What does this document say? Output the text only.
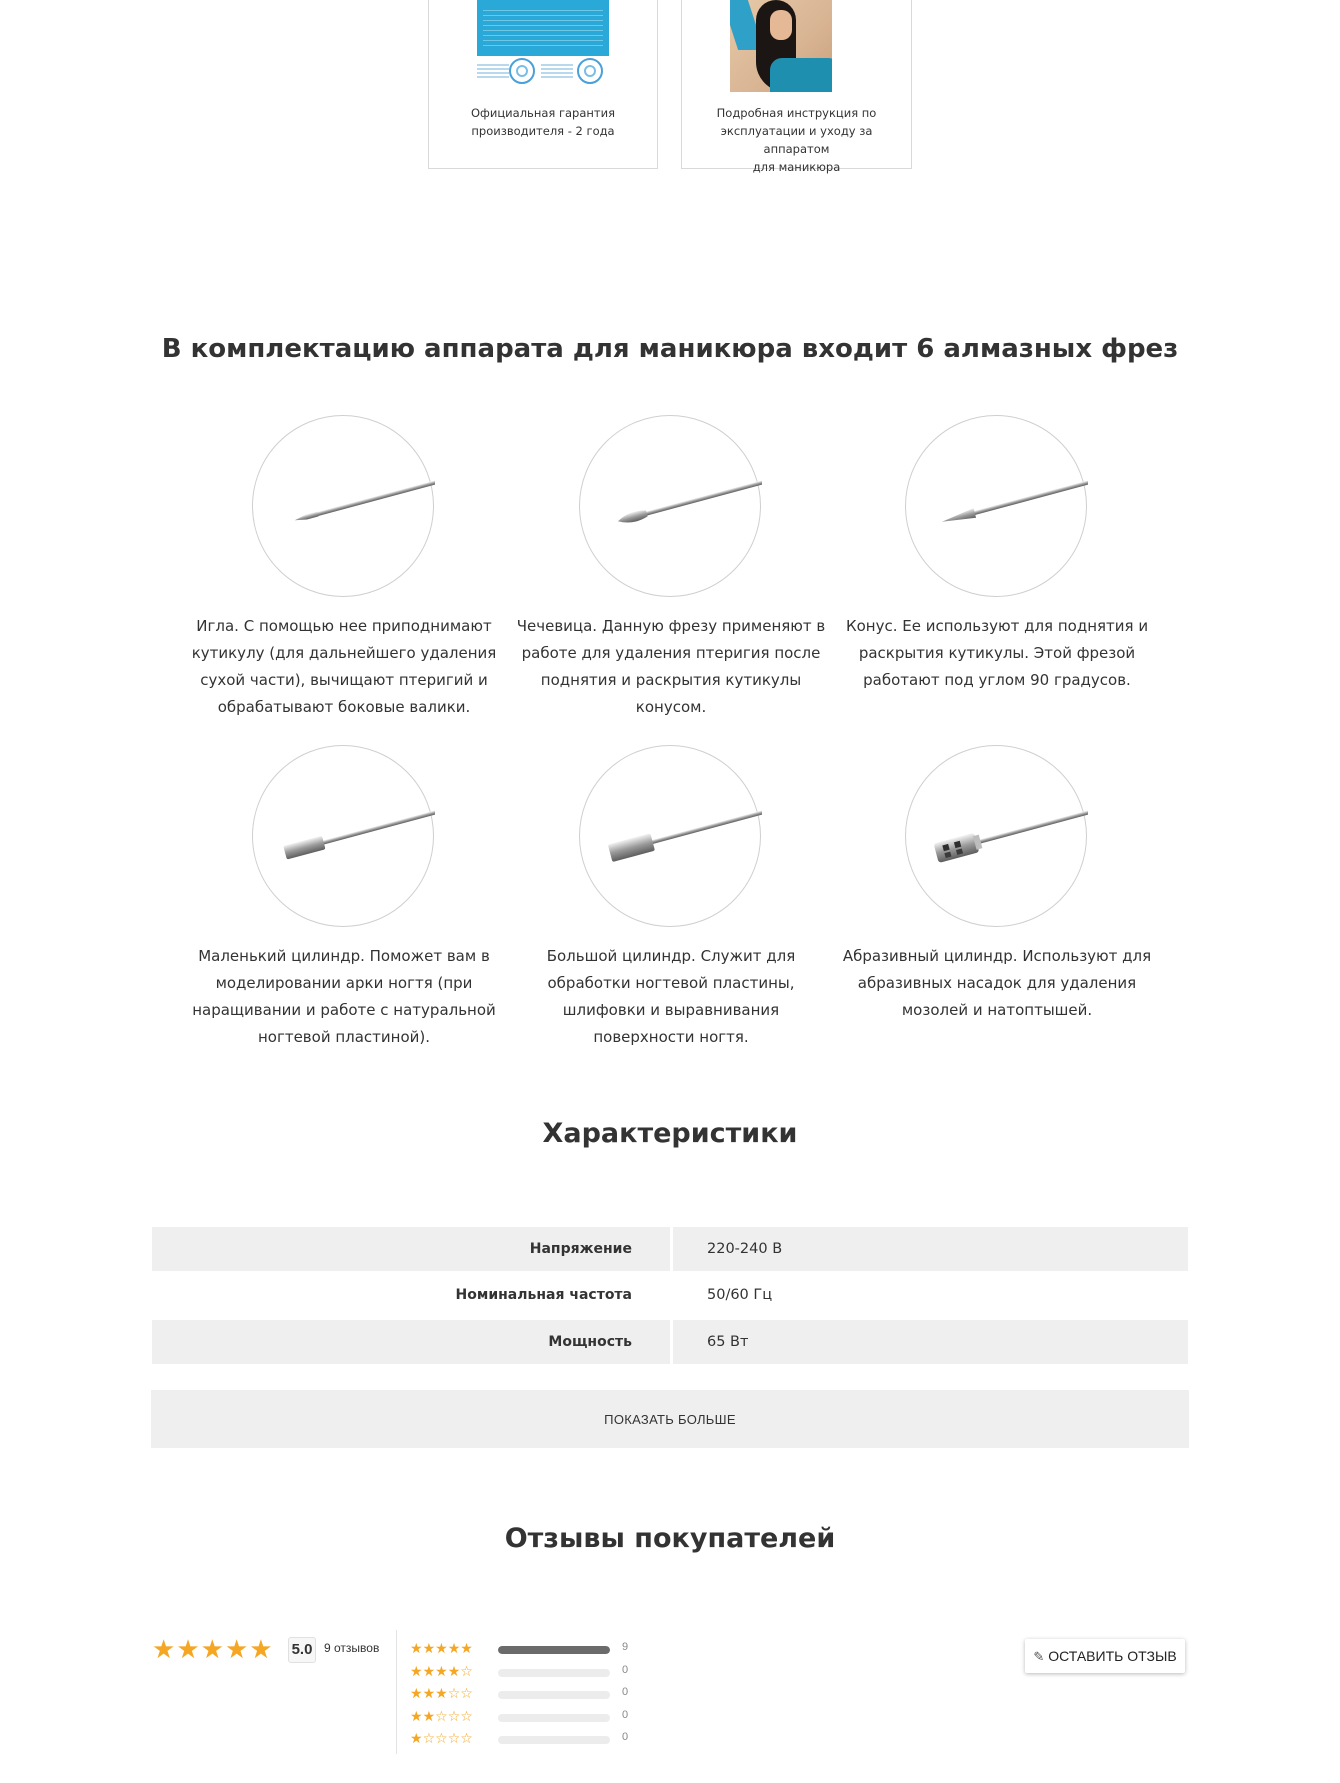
Официальная гарантия
производителя - 2 года
Подробная инструкция по
эксплуатации и уходу за аппаратом
для маникюра
В комплектацию аппарата для маникюра входит 6 алмазных фрез
Игла. С помощью нее приподнимают
кутикулу (для дальнейшего удаления
сухой части), вычищают птеригий и
обрабатывают боковые валики.
Чечевица. Данную фрезу применяют в
работе для удаления птеригия после
поднятия и раскрытия кутикулы
конусом.
Конус. Ее используют для поднятия и
раскрытия кутикулы. Этой фрезой
работают под углом 90 градусов.
Маленький цилиндр. Поможет вам в
моделировании арки ногтя (при
наращивании и работе с натуральной
ногтевой пластиной).
Большой цилиндр. Служит для
обработки ногтевой пластины,
шлифовки и выравнивания
поверхности ногтя.
Абразивный цилиндр. Используют для
абразивных насадок для удаления
мозолей и натоптышей.
Характеристики
Напряжение	220-240 В
Номинальная частота	50/60 Гц
Мощность	65 Вт
ПОКАЗАТЬ БОЛЬШЕ
Отзывы покупателей
★★★★★ 5.0 9 отзывов ★★★★★	9
★★★★☆	0
★★★☆☆	0
★★☆☆☆	0
★☆☆☆☆	0
✎ ОСТАВИТЬ ОТЗЫВ
